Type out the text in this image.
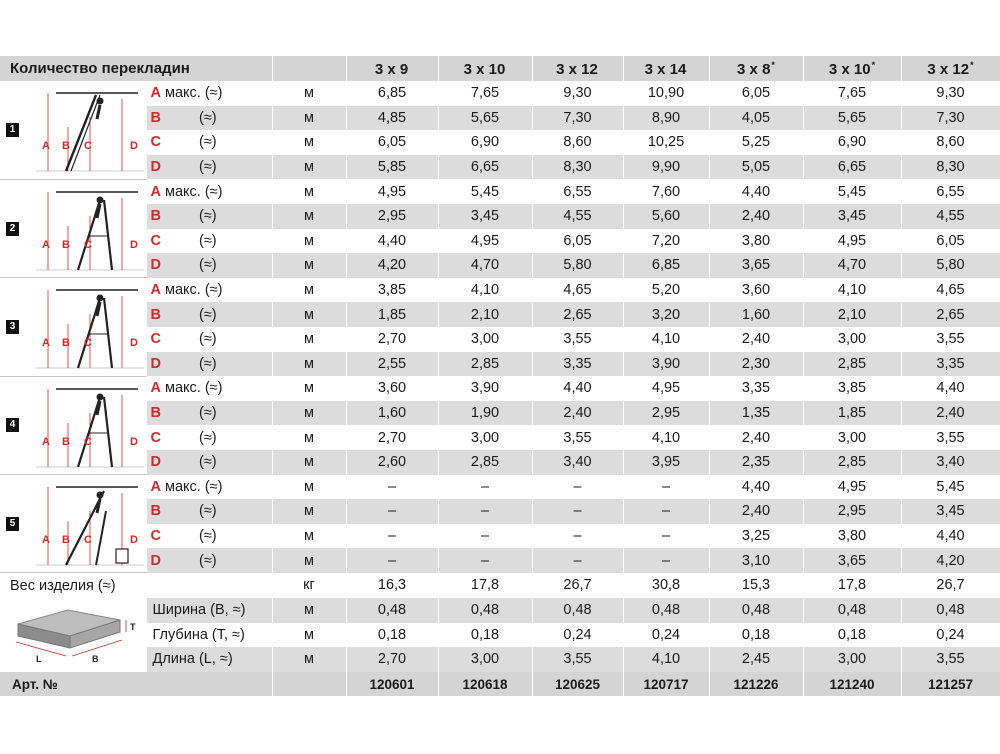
Количество перекладин			3 x 9	3 x 10	3 x 12	3 x 14	3 x 8*	3 x 10*	3 x 12*

1
A B C D	A макс. (≈)	м	6,85	7,65	9,30	10,90	6,05	7,65	9,30
	B (≈)	м	4,85	5,65	7,30	8,90	4,05	5,65	7,30
	C (≈)	м	6,05	6,90	8,60	10,25	5,25	6,90	8,60
	D (≈)	м	5,85	6,65	8,30	9,90	5,05	6,65	8,30

2
A B C D	A макс. (≈)	м	4,95	5,45	6,55	7,60	4,40	5,45	6,55
	B (≈)	м	2,95	3,45	4,55	5,60	2,40	3,45	4,55
	C (≈)	м	4,40	4,95	6,05	7,20	3,80	4,95	6,05
	D (≈)	м	4,20	4,70	5,80	6,85	3,65	4,70	5,80

3
A B C D	A макс. (≈)	м	3,85	4,10	4,65	5,20	3,60	4,10	4,65
	B (≈)	м	1,85	2,10	2,65	3,20	1,60	2,10	2,65
	C (≈)	м	2,70	3,00	3,55	4,10	2,40	3,00	3,55
	D (≈)	м	2,55	2,85	3,35	3,90	2,30	2,85	3,35

4
A B C D	A макс. (≈)	м	3,60	3,90	4,40	4,95	3,35	3,85	4,40
	B (≈)	м	1,60	1,90	2,40	2,95	1,35	1,85	2,40
	C (≈)	м	2,70	3,00	3,55	4,10	2,40	3,00	3,55
	D (≈)	м	2,60	2,85	3,40	3,95	2,35	2,85	3,40

5
A B C D	A макс. (≈)	м	–	–	–	–	4,40	4,95	5,45
	B (≈)	м	–	–	–	–	2,40	2,95	3,45
	C (≈)	м	–	–	–	–	3,25	3,80	4,40
	D (≈)	м	–	–	–	–	3,10	3,65	4,20
Вес изделия (≈)		кг	16,3	17,8	26,7	30,8	15,3	17,8	26,7

T
L B	Ширина (B, ≈)	м	0,48	0,48	0,48	0,48	0,48	0,48	0,48
	Глубина (T, ≈)	м	0,18	0,18	0,24	0,24	0,18	0,18	0,24
	Длина (L, ≈)	м	2,70	3,00	3,55	4,10	2,45	3,00	3,55
Арт. №			120601	120618	120625	120717	121226	121240	121257
